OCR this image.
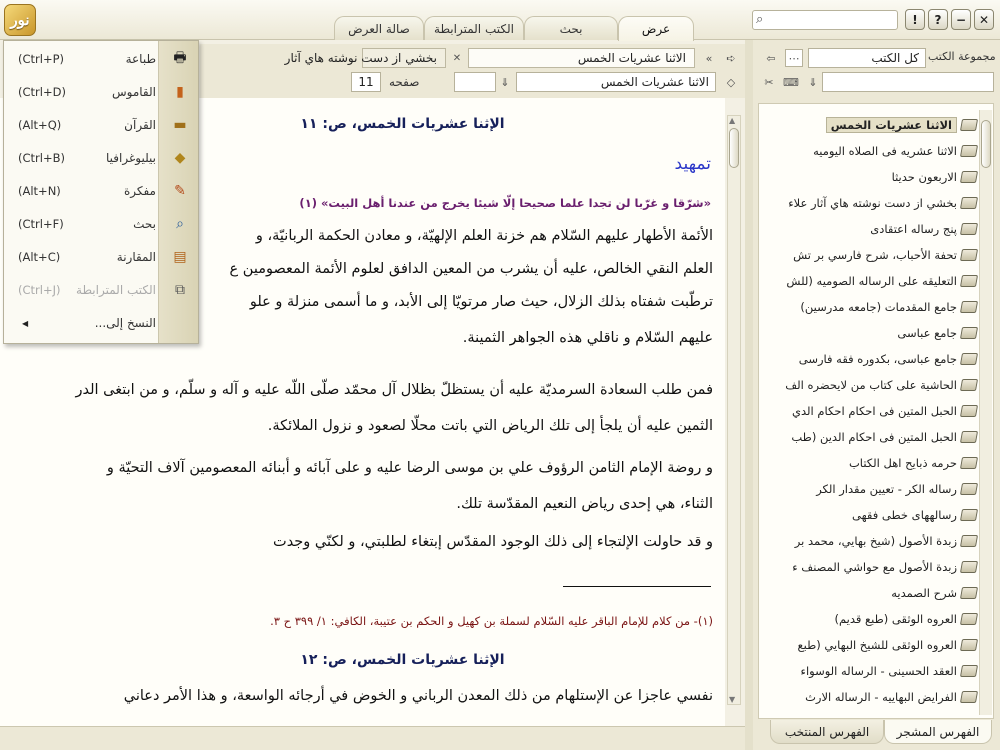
نور	صالة العرض	الكتب المترابطة	بحث	عرض
⌕	!	?	−	✕
«	➪
الاثنا عشريات الخمس
✕
بخشي از دست نوشته هاي آثار
الاثنا عشريات الخمس	◇
⇓
صفحه
11
الإثنا عشريات الخمس، ص: ١١
تمهيد
«شرّقا و غرّبا لن تجدا علما صحيحا إلّا شيئا يخرج من عندنا أهل البيت» (١)
الأئمة الأطهار عليهم السّلام هم خزنة العلم الإلهيّة، و معادن الحكمة الربانيّة، و
العلم النقي الخالص، عليه أن يشرب من المعين الدافق لعلوم الأئمة المعصومين ع
ترطّبت شفتاه بذلك الزلال، حيث صار مرتويّا إلى الأبد، و ما أسمى منزلة و علو
عليهم السّلام و ناقلي هذه الجواهر الثمينة.
فمن طلب السعادة السرمديّة عليه أن يستظلّ بظلال آل محمّد صلّى اللّه عليه و آله و سلّم، و من ابتغى الدر
الثمين عليه أن يلجأ إلى تلك الرياض التي باتت محلّا لصعود و نزول الملائكة.
و روضة الإمام الثامن الرؤوف علي بن موسى الرضا عليه و على آبائه و أبنائه المعصومين آلاف التحيّة و
الثناء، هي إحدى رياض النعيم المقدّسة تلك.
و قد حاولت الإلتجاء إلى ذلك الوجود المقدّس إبتغاء لطلبتي، و لكنّي وجدت
(١)- من كلام للإمام الباقر عليه السّلام لسملة بن كهيل و الحكم بن عتيبة، الكافي: ١/ ٣٩٩ ح ٣.
الإثنا عشريات الخمس، ص: ١٢
نفسي عاجزا عن الإستلهام من ذلك المعدن الرباني و الخوض في أرجائه الواسعة، و هذا الأمر دعاني
▲
▼
مجموعة الكتب
كل الكتب
⋯
⇦
⇓
⌨
✂
الاثنا عشريات الخمس
الاثنا عشريه فى الصلاه اليوميه
الاربعون حديثا
بخشي از دست نوشته هاي آثار علاء
پنج رساله اعتقادى
تحفة الأحباب، شرح فارسي بر تش
التعليقه على الرساله الصوميه (للش
جامع المقدمات (جامعه مدرسين)
جامع عباسى
جامع عباسى، بكدوره فقه فارسى
الحاشية على كتاب من لايحضره الف
الحبل المتين فى احكام احكام الدي
الحبل المتين فى احكام الدين (طب
حرمه ذبايح اهل الكتاب
رساله الكر - تعيين مقدار الكر
رسالههاى خطى فقهى
زبدة الأصول (شيخ بهايي، محمد بر
زبدة الأصول مع حواشي المصنف ء
شرح الصمديه
العروه الوثقى (طبع قديم)
العروه الوثقى للشيخ البهايي (طبع
العقد الحسينى - الرساله الوسواء
الفرايض البهاييه - الرساله الارث
الفهرس المشجر
الفهرس المنتخب
🖶
طباعة
(Ctrl+P)
▮
القاموس
(Ctrl+D)
▬
القرآن
(Alt+Q)
◆
بيليوغرافيا
(Ctrl+B)
✎
مفكرة
(Alt+N)
⌕
بحث
(Ctrl+F)
▤
المقارنة
(Alt+C)
⧉
الكتب المترابطة
(Ctrl+J)
النسخ إلى...
◀
